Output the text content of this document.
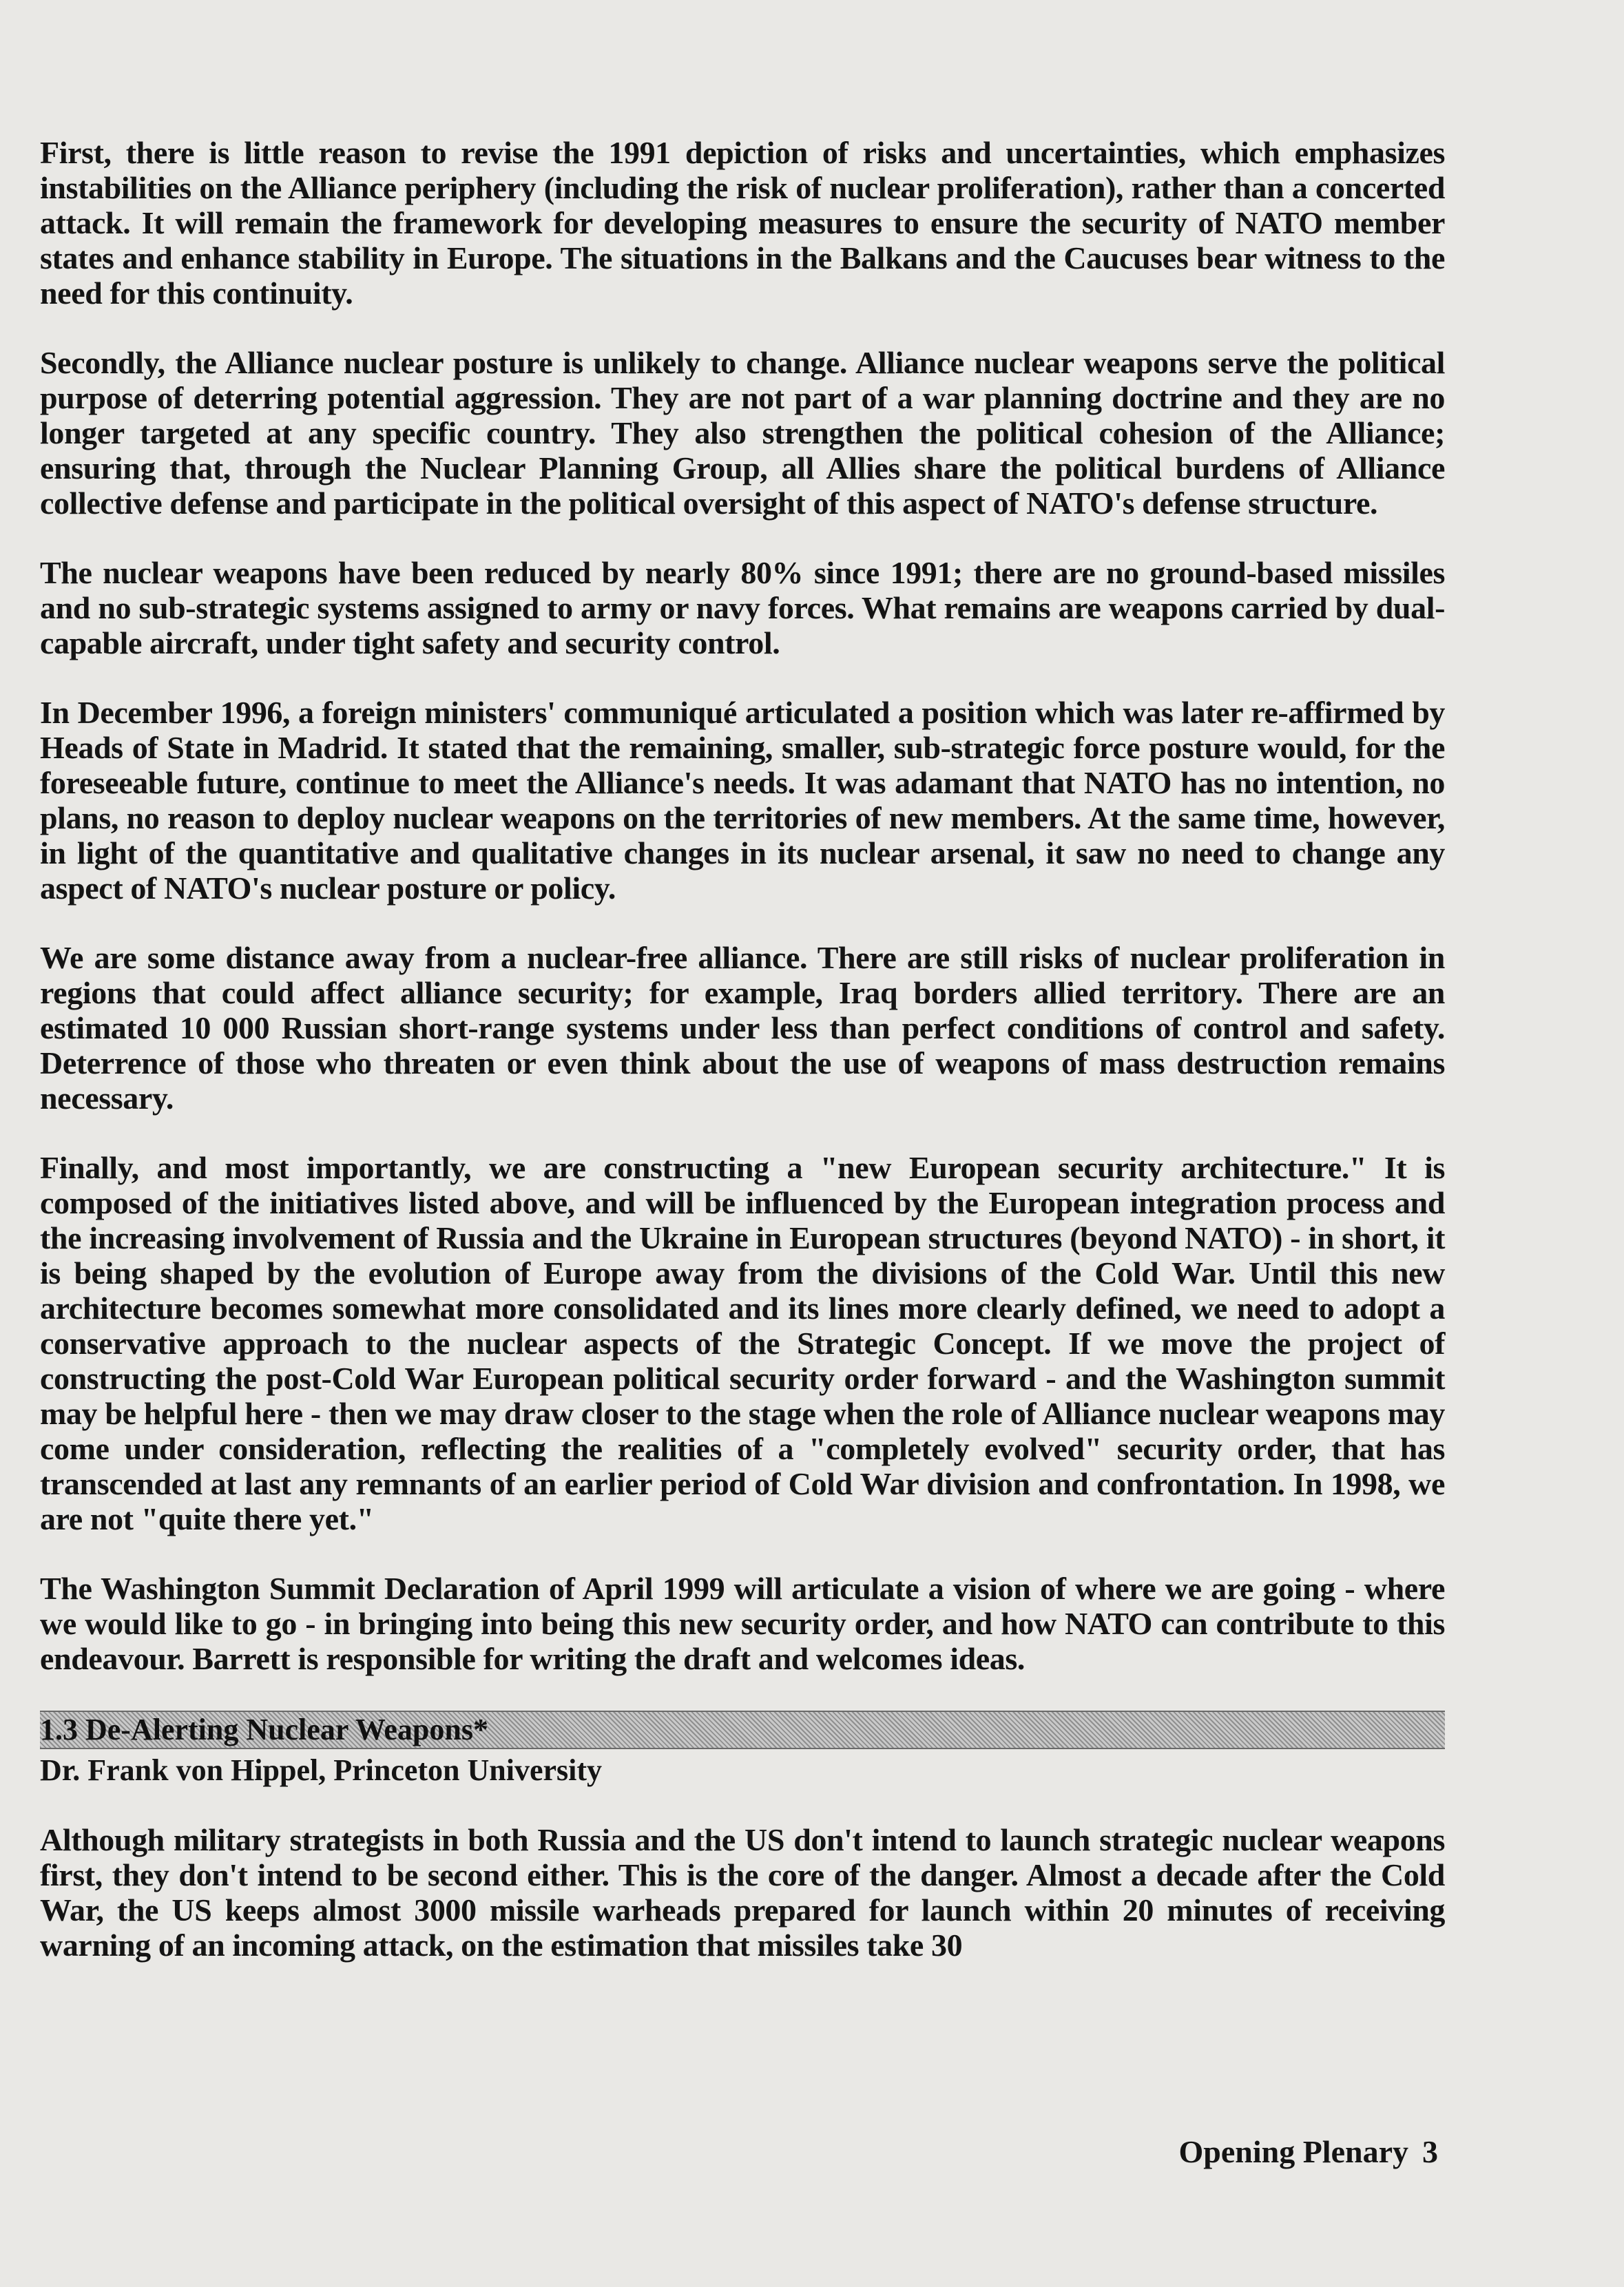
First, there is little reason to revise the 1991 depiction of risks and uncertainties, which emphasizes instabilities on the Alliance periphery (including the risk of nuclear proliferation), rather than a concerted attack. It will remain the framework for developing measures to ensure the security of NATO member states and enhance stability in Europe. The situations in the Balkans and the Caucuses bear witness to the need for this continuity.

Secondly, the Alliance nuclear posture is unlikely to change. Alliance nuclear weapons serve the political purpose of deterring potential aggression. They are not part of a war planning doctrine and they are no longer targeted at any specific country. They also strengthen the political cohesion of the Alliance; ensuring that, through the Nuclear Planning Group, all Allies share the political burdens of Alliance collective defense and participate in the political oversight of this aspect of NATO's defense structure.

The nuclear weapons have been reduced by nearly 80% since 1991; there are no ground-based missiles and no sub-strategic systems assigned to army or navy forces. What remains are weapons carried by dual-capable aircraft, under tight safety and security control.

In December 1996, a foreign ministers' communiqué articulated a position which was later re-affirmed by Heads of State in Madrid. It stated that the remaining, smaller, sub-strategic force posture would, for the foreseeable future, continue to meet the Alliance's needs. It was adamant that NATO has no intention, no plans, no reason to deploy nuclear weapons on the territories of new members. At the same time, however, in light of the quantitative and qualitative changes in its nuclear arsenal, it saw no need to change any aspect of NATO's nuclear posture or policy.

We are some distance away from a nuclear-free alliance. There are still risks of nuclear proliferation in regions that could affect alliance security; for example, Iraq borders allied territory. There are an estimated 10 000 Russian short-range systems under less than perfect conditions of control and safety. Deterrence of those who threaten or even think about the use of weapons of mass destruction remains necessary.

Finally, and most importantly, we are constructing a "new European security architecture." It is composed of the initiatives listed above, and will be influenced by the European integration process and the increasing involvement of Russia and the Ukraine in European structures (beyond NATO) - in short, it is being shaped by the evolution of Europe away from the divisions of the Cold War. Until this new architecture becomes somewhat more consolidated and its lines more clearly defined, we need to adopt a conservative approach to the nuclear aspects of the Strategic Concept. If we move the project of constructing the post-Cold War European political security order forward - and the Washington summit may be helpful here - then we may draw closer to the stage when the role of Alliance nuclear weapons may come under consideration, reflecting the realities of a "completely evolved" security order, that has transcended at last any remnants of an earlier period of Cold War division and confrontation. In 1998, we are not "quite there yet."

The Washington Summit Declaration of April 1999 will articulate a vision of where we are going - where we would like to go - in bringing into being this new security order, and how NATO can contribute to this endeavour. Barrett is responsible for writing the draft and welcomes ideas.

1.3 De-Alerting Nuclear Weapons*
Dr. Frank von Hippel, Princeton University

Although military strategists in both Russia and the US don't intend to launch strategic nuclear weapons first, they don't intend to be second either. This is the core of the danger. Almost a decade after the Cold War, the US keeps almost 3000 missile warheads prepared for launch within 20 minutes of receiving warning of an incoming attack, on the estimation that missiles take 30

Opening Plenary 3
